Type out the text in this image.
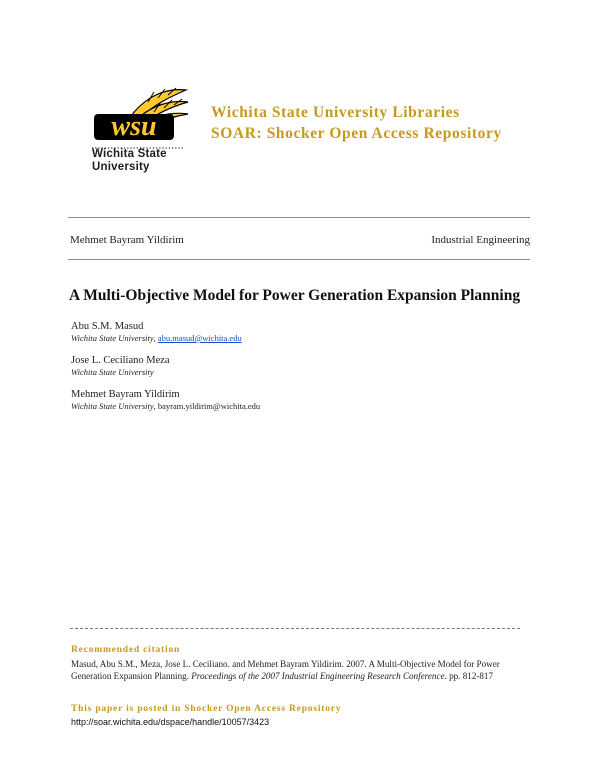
wsu
Wichita State
University
Wichita State University Libraries
SOAR: Shocker Open Access Repository
Mehmet Bayram Yildirim	Industrial Engineering
A Multi-Objective Model for Power Generation Expansion Planning
Abu S.M. Masud
Wichita State University, abu.masud@wichita.edu
Jose L. Ceciliano Meza
Wichita State University
Mehmet Bayram Yildirim
Wichita State University, bayram.yildirim@wichita.edu
Recommended citation
Masud, Abu S.M., Meza, Jose L. Ceciliano. and Mehmet Bayram Yildirim. 2007. A Multi-Objective Model for Power Generation Expansion Planning. Proceedings of the 2007 Industrial Engineering Research Conference. pp. 812-817
This paper is posted in Shocker Open Access Repository
http://soar.wichita.edu/dspace/handle/10057/3423
